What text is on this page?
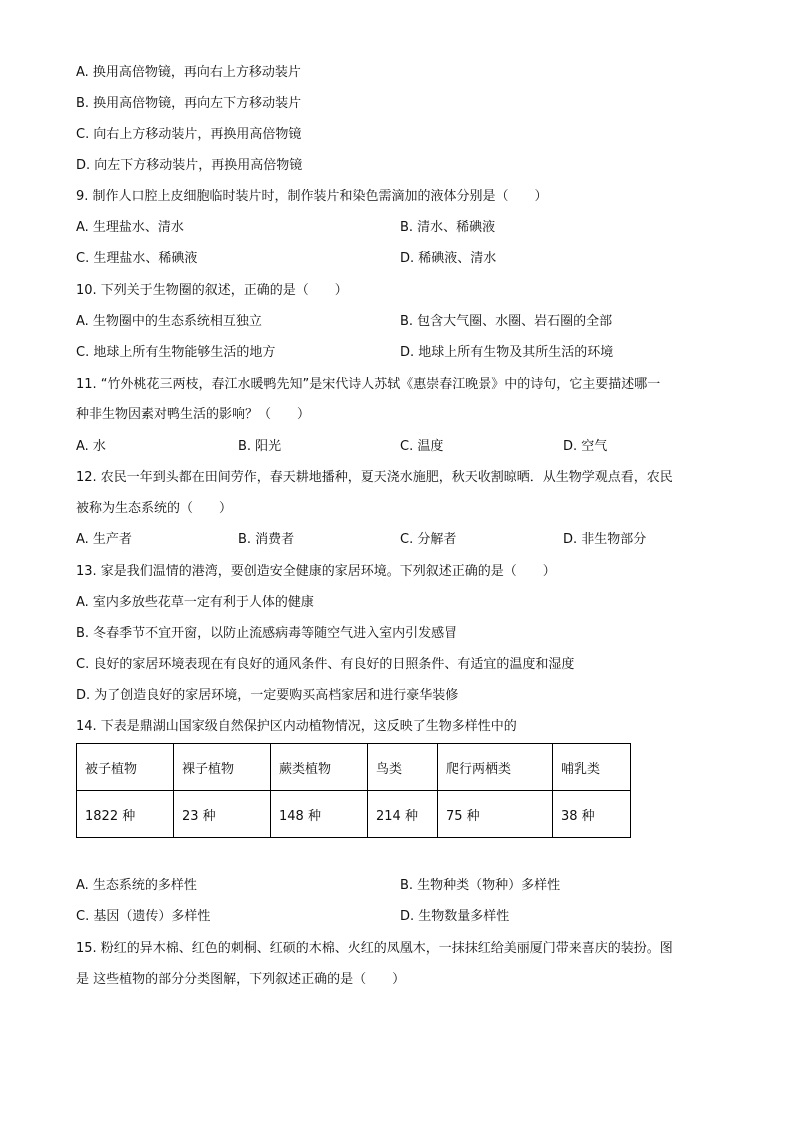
A. 换用高倍物镜，再向右上方移动装片
B. 换用高倍物镜，再向左下方移动装片
C. 向右上方移动装片，再换用高倍物镜
D. 向左下方移动装片，再换用高倍物镜
9. 制作人口腔上皮细胞临时装片时，制作装片和染色需滴加的液体分别是（　　）
A. 生理盐水、清水	B. 清水、稀碘液
C. 生理盐水、稀碘液	D. 稀碘液、清水
10. 下列关于生物圈的叙述，正确的是（　　）
A. 生物圈中的生态系统相互独立	B. 包含大气圈、水圈、岩石圈的全部
C. 地球上所有生物能够生活的地方	D. 地球上所有生物及其所生活的环境
11. “竹外桃花三两枝，春江水暖鸭先知”是宋代诗人苏轼《惠崇春江晚景》中的诗句，它主要描述哪一
种非生物因素对鸭生活的影响？（　　）
A. 水	B. 阳光	C. 温度	D. 空气
12. 农民一年到头都在田间劳作，春天耕地播种，夏天浇水施肥，秋天收割晾晒．从生物学观点看，农民
被称为生态系统的（　　）
A. 生产者	B. 消费者	C. 分解者	D. 非生物部分
13. 家是我们温情的港湾，要创造安全健康的家居环境。下列叙述正确的是（　　）
A. 室内多放些花草一定有利于人体的健康
B. 冬春季节不宜开窗，以防止流感病毒等随空气进入室内引发感冒
C. 良好的家居环境表现在有良好的通风条件、有良好的日照条件、有适宜的温度和湿度
D. 为了创造良好的家居环境，一定要购买高档家居和进行豪华装修
14. 下表是鼎湖山国家级自然保护区内动植物情况，这反映了生物多样性中的
被子植物	裸子植物	蕨类植物	鸟类	爬行两栖类	哺乳类
1822 种	23 种	148 种	214 种	75 种	38 种
A. 生态系统的多样性	B. 生物种类（物种）多样性
C. 基因（遗传）多样性	D. 生物数量多样性
15. 粉红的异木棉、红色的刺桐、红硕的木棉、火红的凤凰木，一抹抹红给美丽厦门带来喜庆的装扮。图
是 这些植物的部分分类图解，下列叙述正确的是（　　）
